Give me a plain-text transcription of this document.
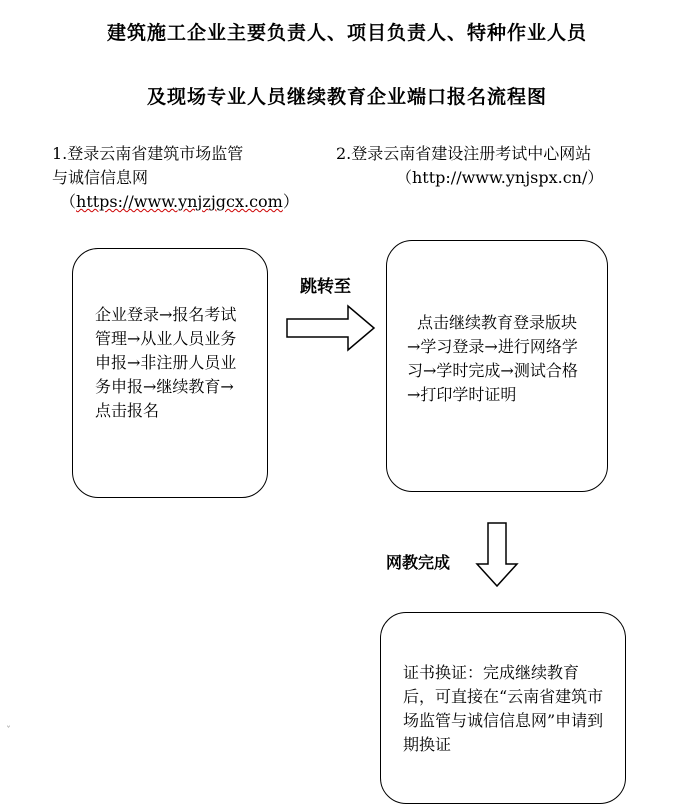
建筑施工企业主要负责人、项目负责人、特种作业人员
及现场专业人员继续教育企业端口报名流程图
1.登录云南省建筑市场监管
与诚信信息网
（https://www.ynjzjgcx.com）
2.登录云南省建设注册考试中心网站
（http://www.ynjspx.cn/）
企业登录→报名考试管理→从业人员业务申报→非注册人员业务申报→继续教育→点击报名
跳转至
点击继续教育登录版块→学习登录→进行网络学习→学时完成→测试合格→打印学时证明
网教完成
证书换证：完成继续教育后，可直接在“云南省建筑市场监管与诚信信息网”申请到期换证
ˇ
